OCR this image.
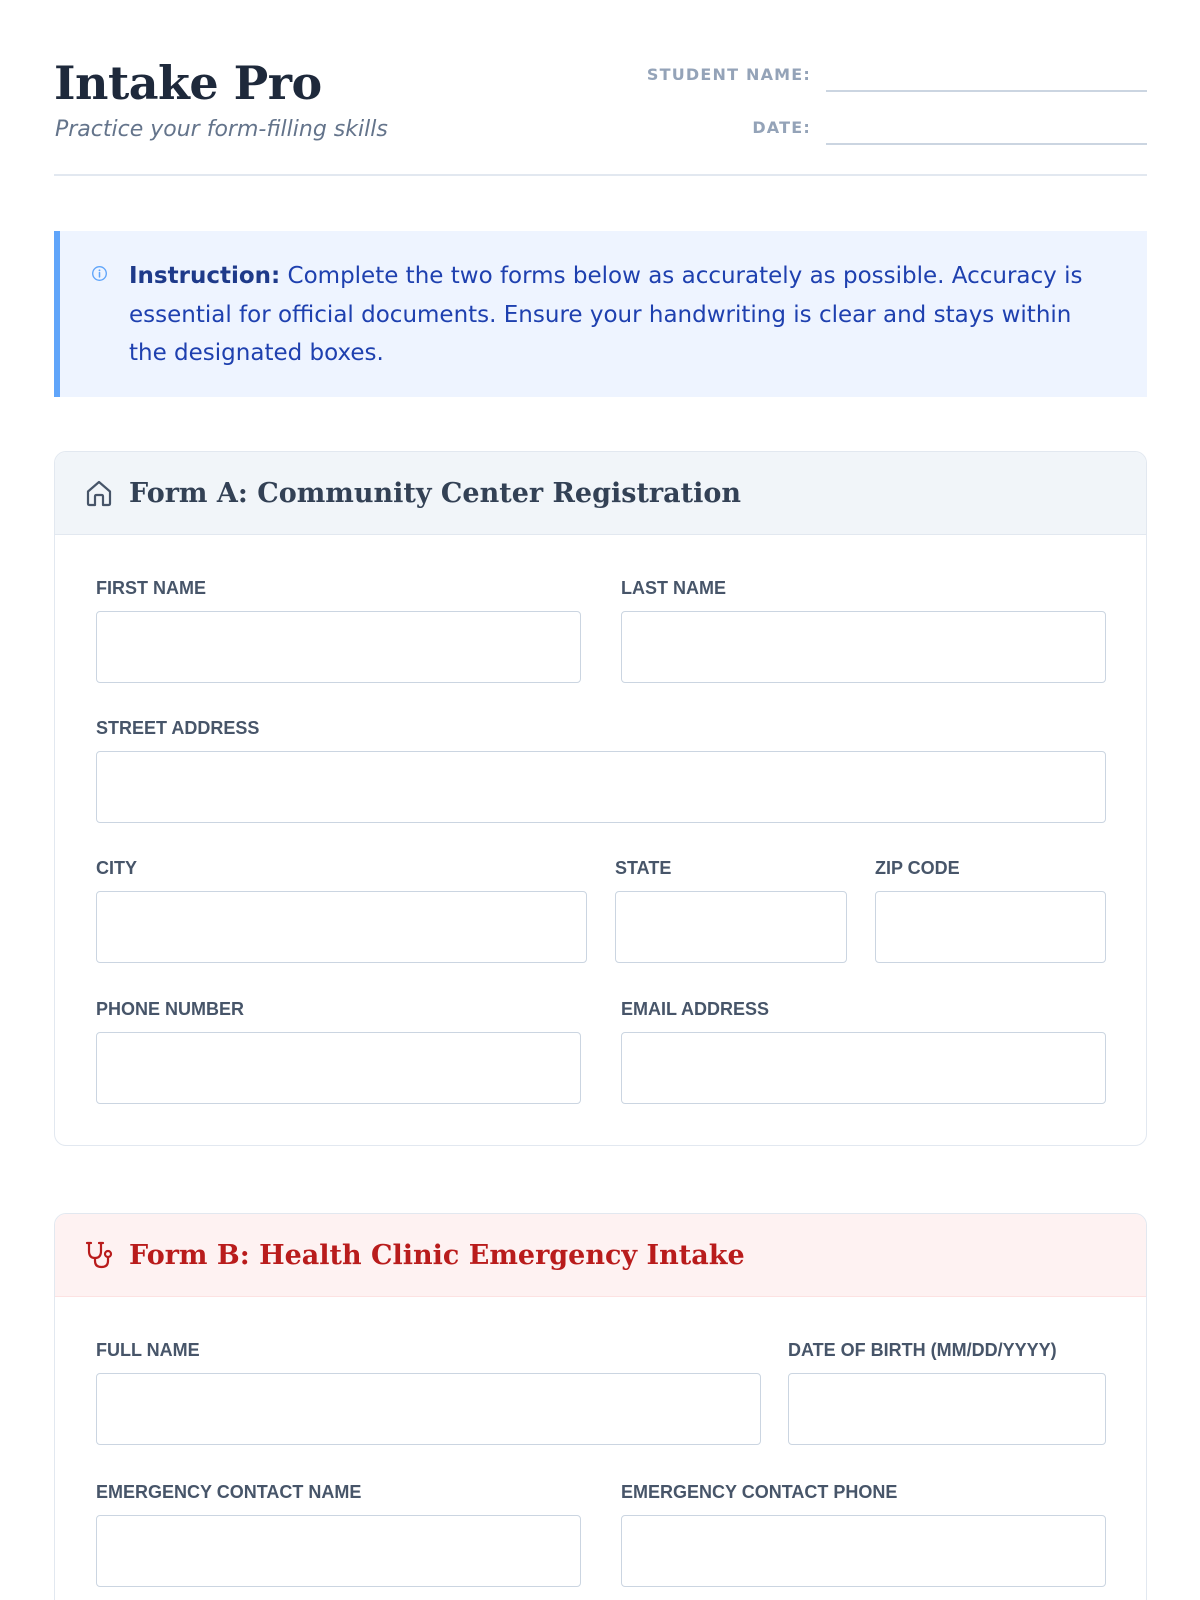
Intake Pro
Practice your form-filling skills
STUDENT NAME:
DATE:
Instruction: Complete the two forms below as accurately as possible. Accuracy is essential for official documents. Ensure your handwriting is clear and stays within the designated boxes.
Form A: Community Center Registration
FIRST NAME	LAST NAME
STREET ADDRESS
CITY	STATE	ZIP CODE
PHONE NUMBER	EMAIL ADDRESS
Form B: Health Clinic Emergency Intake
FULL NAME	DATE OF BIRTH (MM/DD/YYYY)
EMERGENCY CONTACT NAME	EMERGENCY CONTACT PHONE
